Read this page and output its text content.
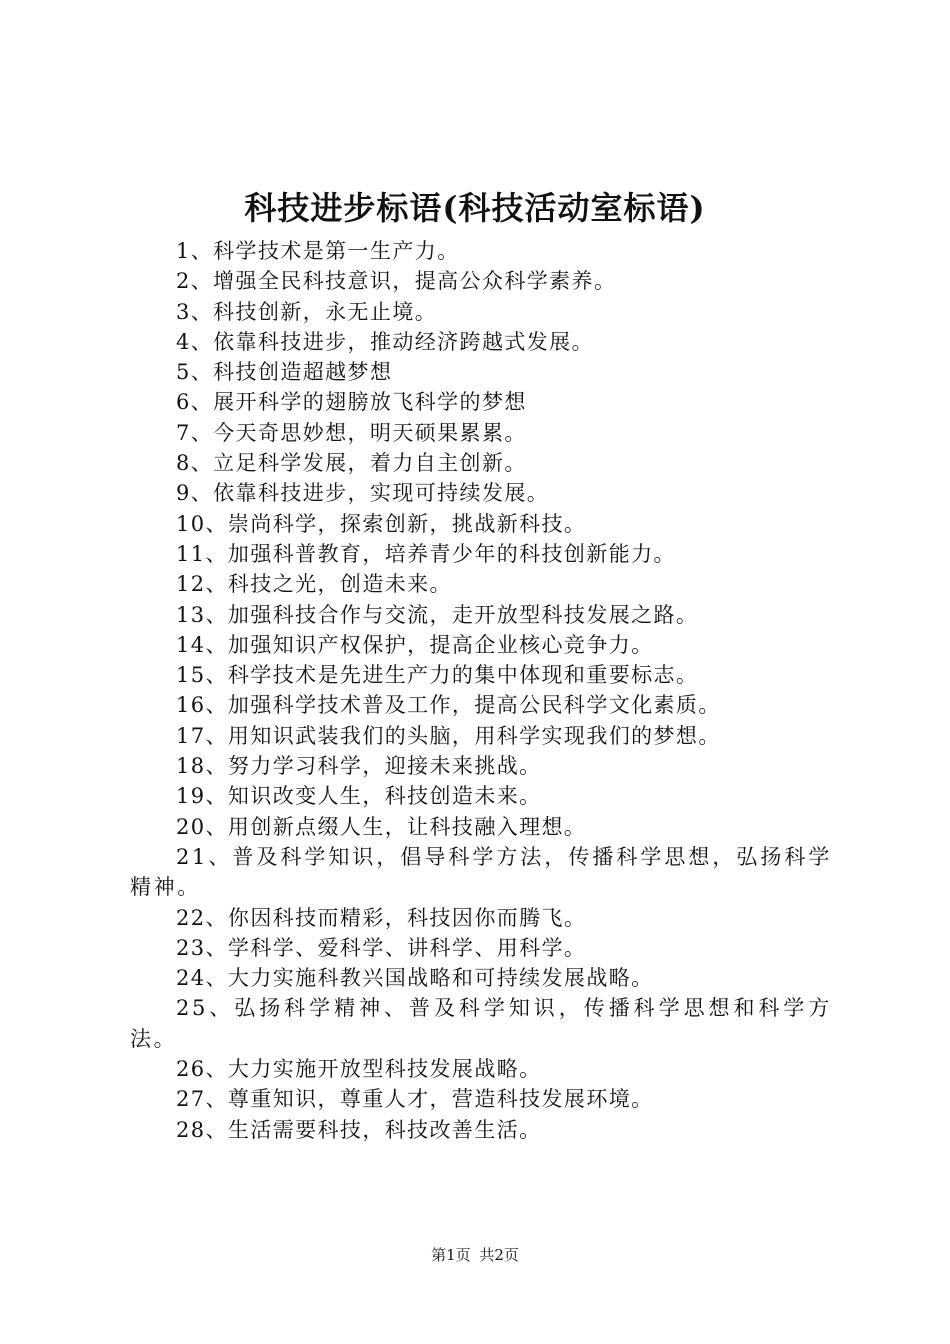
科技进步标语(科技活动室标语)
1、科学技术是第一生产力。
2、增强全民科技意识，提高公众科学素养。
3、科技创新，永无止境。
4、依靠科技进步，推动经济跨越式发展。
5、科技创造超越梦想
6、展开科学的翅膀放飞科学的梦想
7、今天奇思妙想，明天硕果累累。
8、立足科学发展，着力自主创新。
9、依靠科技进步，实现可持续发展。
10、崇尚科学，探索创新，挑战新科技。
11、加强科普教育，培养青少年的科技创新能力。
12、科技之光，创造未来。
13、加强科技合作与交流，走开放型科技发展之路。
14、加强知识产权保护，提高企业核心竞争力。
15、科学技术是先进生产力的集中体现和重要标志。
16、加强科学技术普及工作，提高公民科学文化素质。
17、用知识武装我们的头脑，用科学实现我们的梦想。
18、努力学习科学，迎接未来挑战。
19、知识改变人生，科技创造未来。
20、用创新点缀人生，让科技融入理想。
21、普及科学知识，倡导科学方法，传播科学思想，弘扬科学精神。
22、你因科技而精彩，科技因你而腾飞。
23、学科学、爱科学、讲科学、用科学。
24、大力实施科教兴国战略和可持续发展战略。
25、弘扬科学精神、普及科学知识，传播科学思想和科学方法。
26、大力实施开放型科技发展战略。
27、尊重知识，尊重人才，营造科技发展环境。
28、生活需要科技，科技改善生活。
第1页 共2页
